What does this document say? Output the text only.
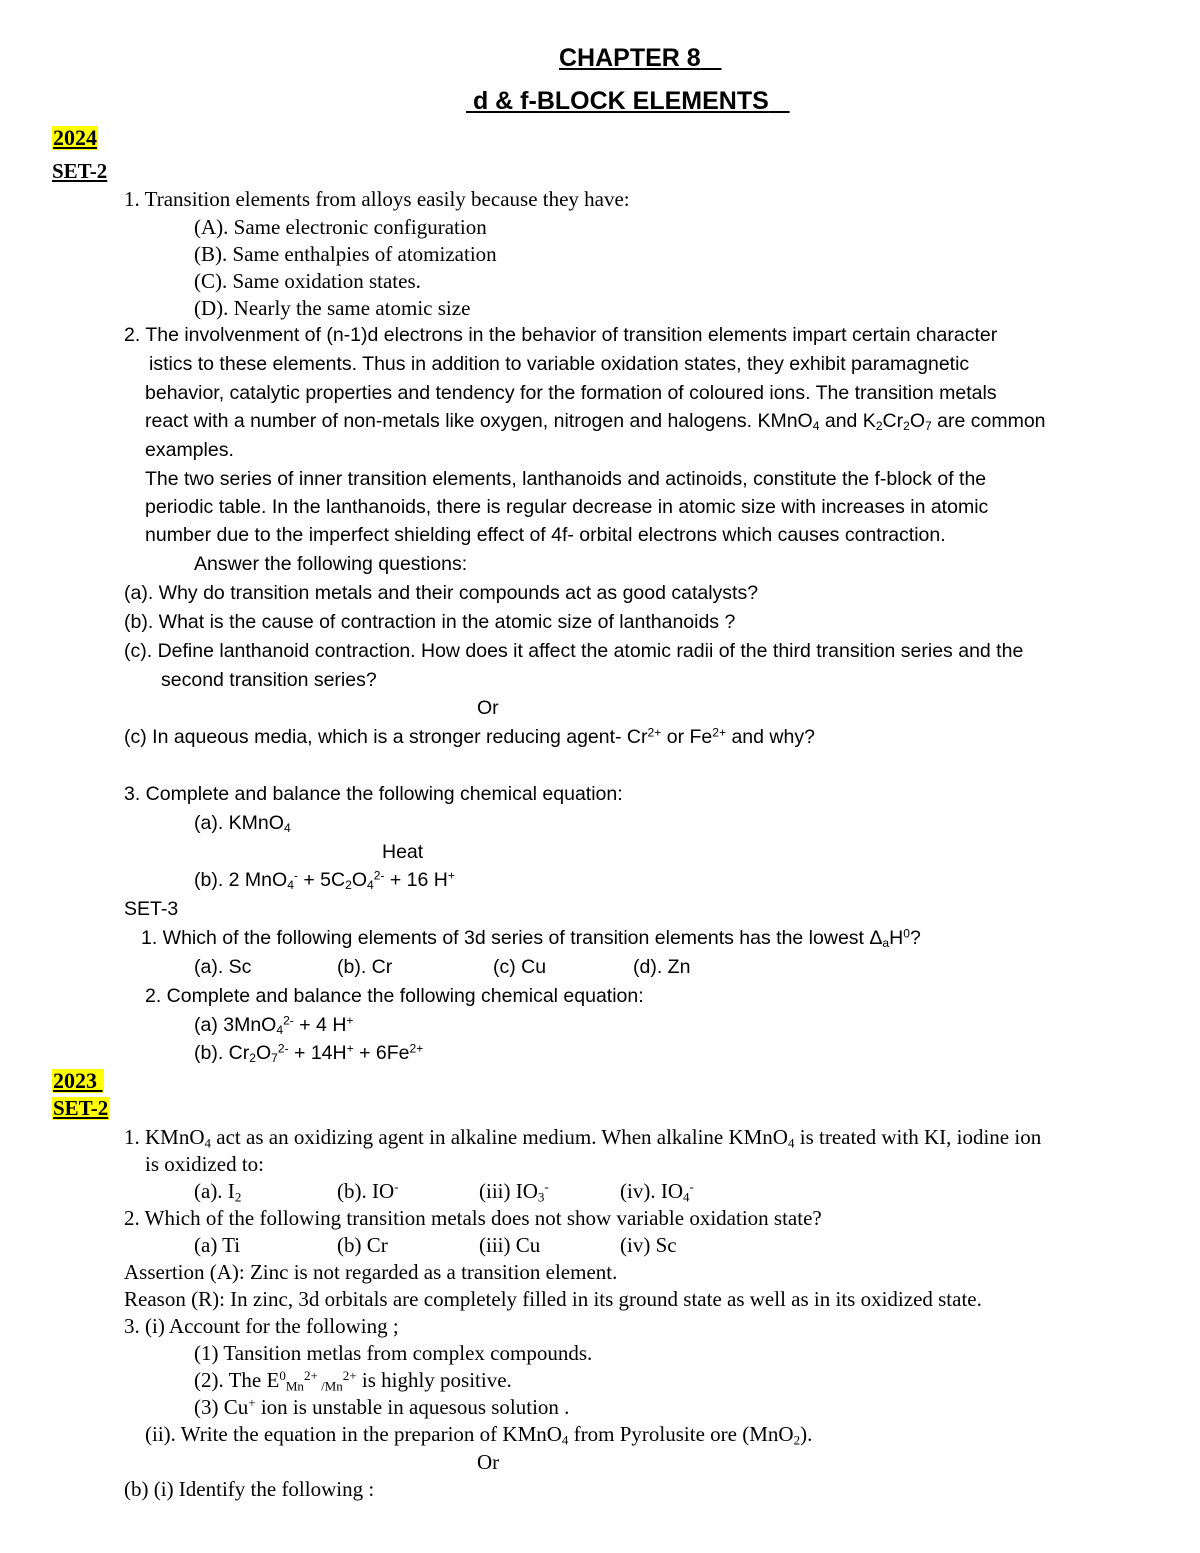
CHAPTER 8
d & f-BLOCK ELEMENTS
2024
SET-2
1. Transition elements from alloys easily because they have:
(A). Same electronic configuration
(B). Same enthalpies of atomization
(C). Same oxidation states.
(D). Nearly the same atomic size
2. The involvenment of (n-1)d electrons in the behavior of transition elements impart certain character
istics to these elements. Thus in addition to variable oxidation states, they exhibit paramagnetic
behavior, catalytic properties and tendency for the formation of coloured ions. The transition metals
react with a number of non-metals like oxygen, nitrogen and halogens. KMnO$_4$ and $K_2Cr_2O_7$ are common
examples.
The two series of inner transition elements, lanthanoids and actinoids, constitute the f-block of the
periodic table. In the lanthanoids, there is regular decrease in atomic size with increases in atomic
number due to the imperfect shielding effect of 4f- orbital electrons which causes contraction.
Answer the following questions:
(a). Why do transition metals and their compounds act as good catalysts?
(b). What is the cause of contraction in the atomic size of lanthanoids ?
(c). Define lanthanoid contraction. How does it affect the atomic radii of the third transition series and the
second transition series?
Or
(c) In aqueous media, which is a stronger reducing agent- $Cr^{2+}$ or $Fe^{2+}$ and why?
3. Complete and balance the following chemical equation:
(a). KMnO$_4$
Heat
(b). 2 $MnO_4^- + 5C_2O_4^{2-} + 16$ H+
SET-3
1. Which of the following elements of 3d series of transition elements has the lowest $\Delta_aH^0$?
(a). Sc	(b). Cr	(c) Cu	(d). Zn
2. Complete and balance the following chemical equation:
(a) 3MnO$_4^{2-}$ + 4 H+
(b). $Cr_2O_7^{2-} + 14H^+ + 6Fe^{2+}$
2023
SET-2
1. KMnO$_4$ act as an oxidizing agent in alkaline medium. When alkaline KMnO$_4$ is treated with KI, iodine ion
is oxidized to:
(a). $I_2$	(b). IO-	(iii) $IO_3^-$	(iv). $IO_4^-$
2. Which of the following transition metals does not show variable oxidation state?
(a) Ti	(b) Cr	(iii) Cu	(iv) Sc
Assertion (A): Zinc is not regarded as a transition element.
Reason (R): In zinc, 3d orbitals are completely filled in its ground state as well as in its oxidized state.
3. (i) Account for the following ;
(1) Tansition metlas from complex compounds.
(2). The $E^0_{Mn}^{2+}$ $_{/Mn}^{2+}$ is highly positive.
(3) Cu+ ion is unstable in aquesous solution .
(ii). Write the equation in the preparion of KMnO$_4$ from Pyrolusite ore (MnO$_2$).
Or
(b) (i) Identify the following :
